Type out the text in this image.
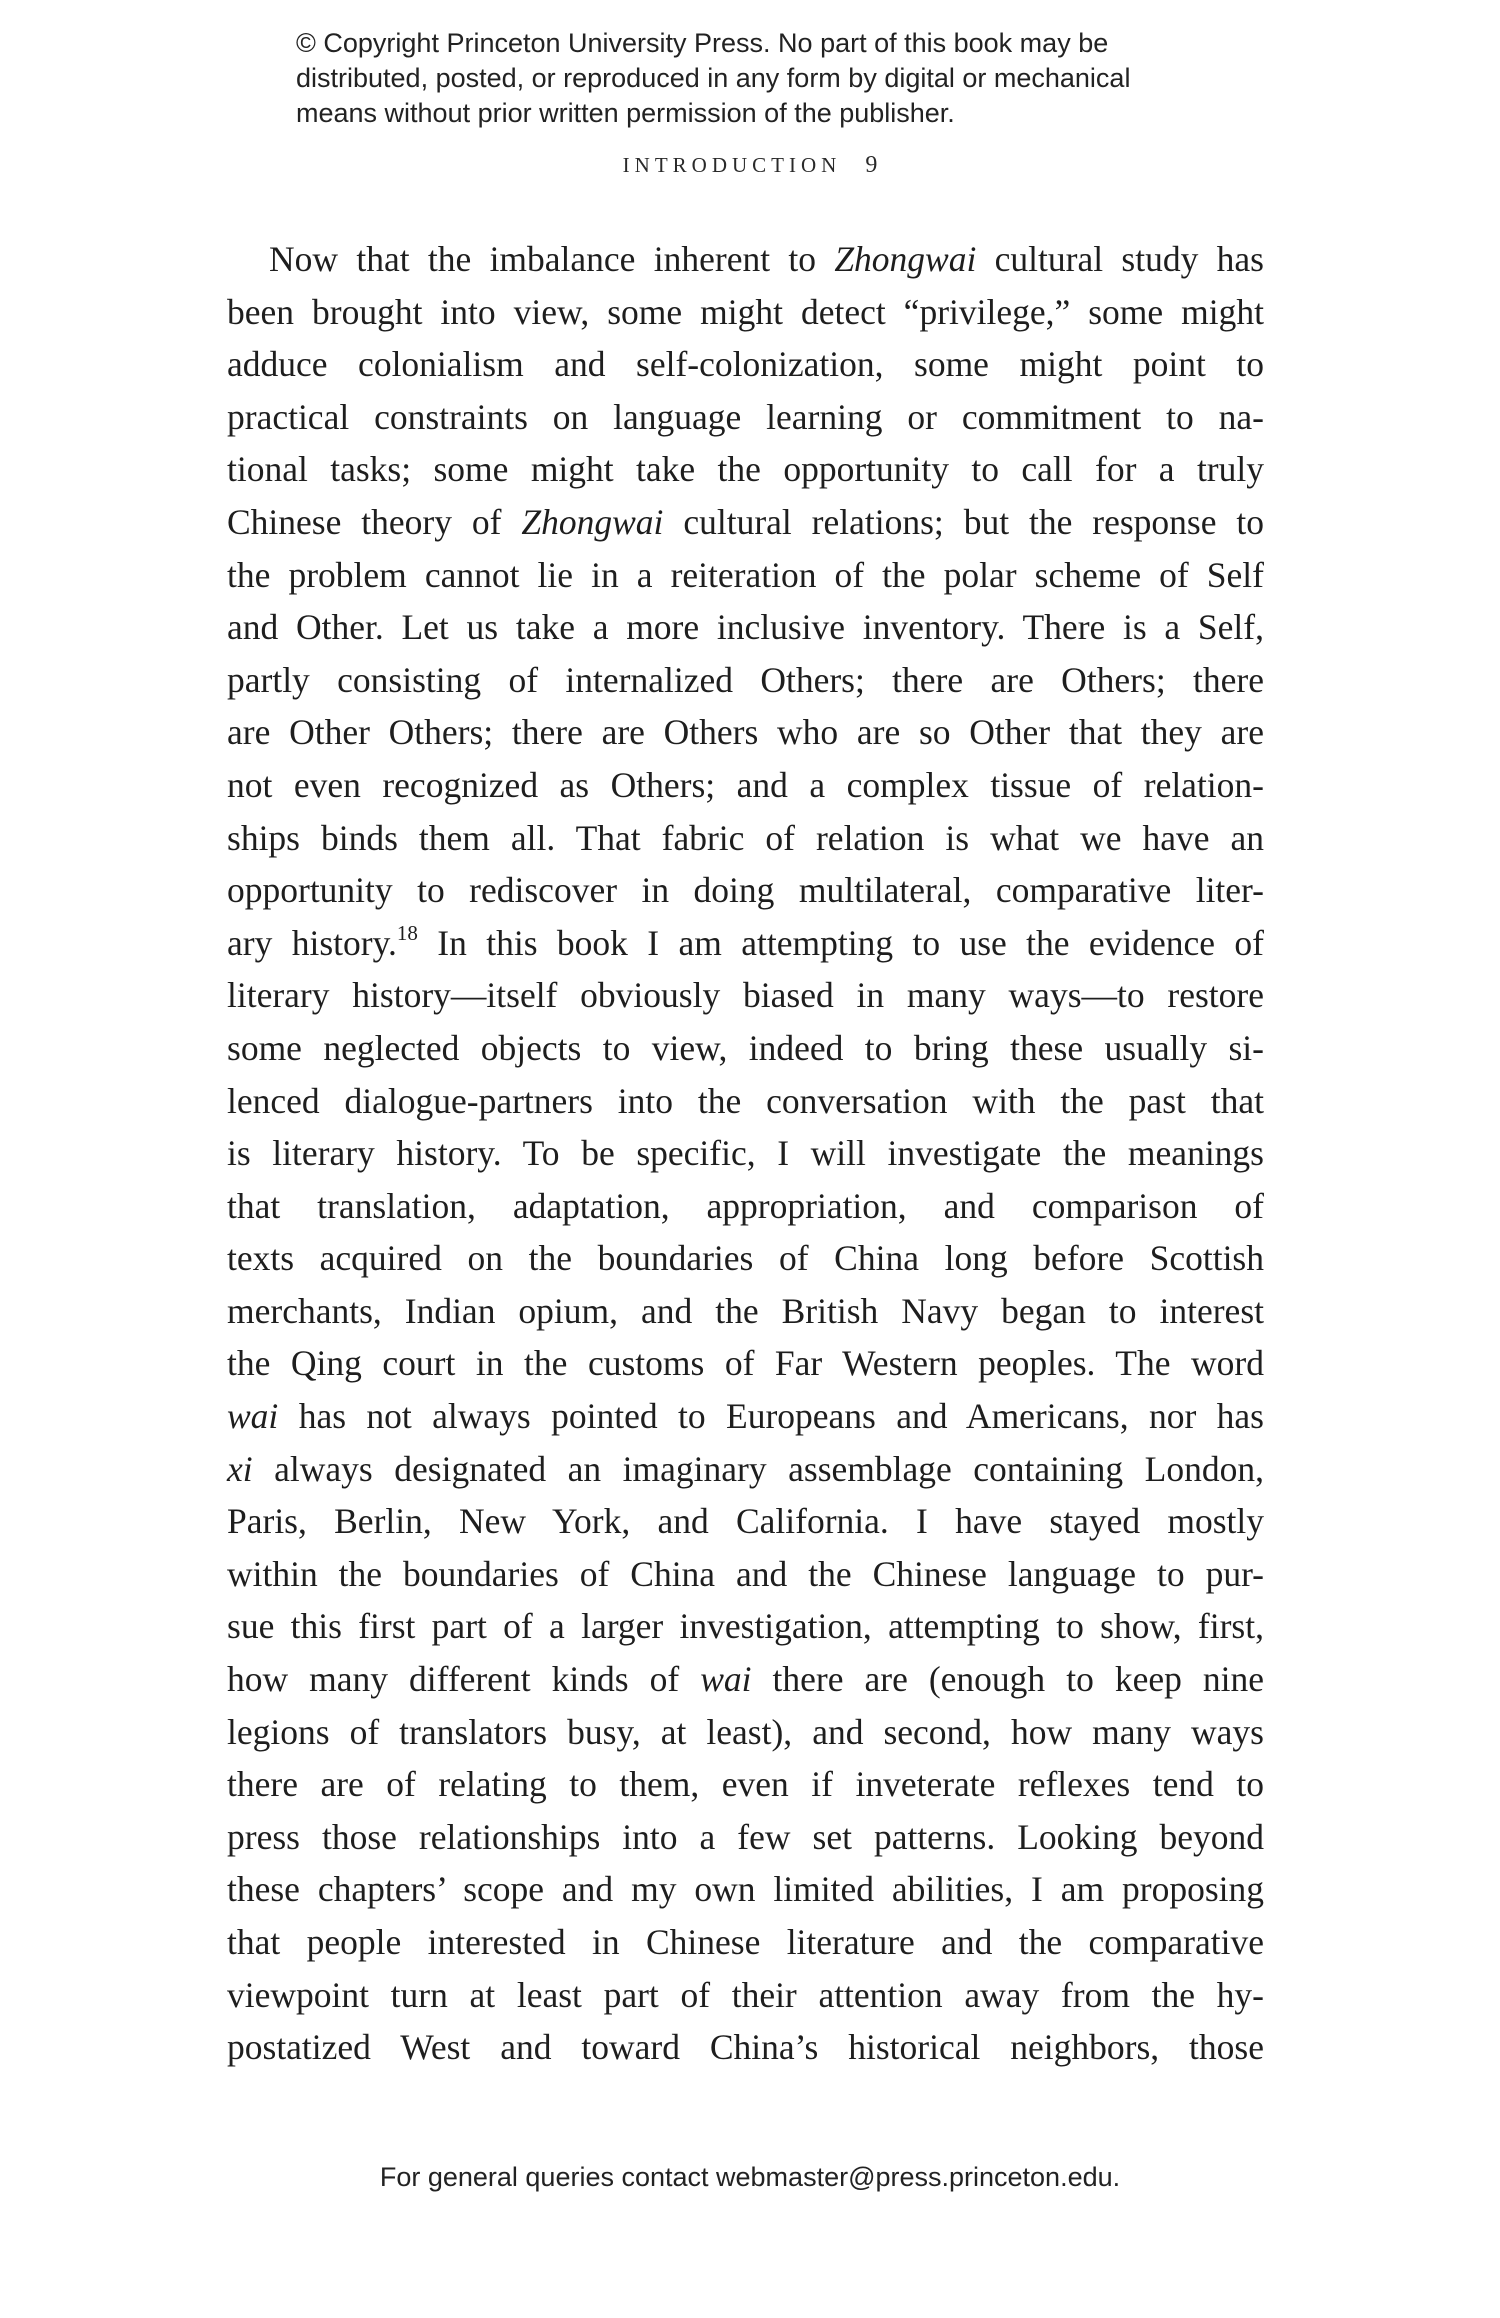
© Copyright Princeton University Press. No part of this book may be
distributed, posted, or reproduced in any form by digital or mechanical
means without prior written permission of the publisher.
INTRODUCTION 9
Now that the imbalance inherent to Zhongwai cultural study has
been brought into view, some might detect “privilege,” some might
adduce colonialism and self-colonization, some might point to
practical constraints on language learning or commitment to na-
tional tasks; some might take the opportunity to call for a truly
Chinese theory of Zhongwai cultural relations; but the response to
the problem cannot lie in a reiteration of the polar scheme of Self
and Other. Let us take a more inclusive inventory. There is a Self,
partly consisting of internalized Others; there are Others; there
are Other Others; there are Others who are so Other that they are
not even recognized as Others; and a complex tissue of relation-
ships binds them all. That fabric of relation is what we have an
opportunity to rediscover in doing multilateral, comparative liter-
ary history.$^{18}$ In this book I am attempting to use the evidence of
literary history—itself obviously biased in many ways—to restore
some neglected objects to view, indeed to bring these usually si-
lenced dialogue-partners into the conversation with the past that
is literary history. To be specific, I will investigate the meanings
that translation, adaptation, appropriation, and comparison of
texts acquired on the boundaries of China long before Scottish
merchants, Indian opium, and the British Navy began to interest
the Qing court in the customs of Far Western peoples. The word
wai has not always pointed to Europeans and Americans, nor has
xi always designated an imaginary assemblage containing London,
Paris, Berlin, New York, and California. I have stayed mostly
within the boundaries of China and the Chinese language to pur-
sue this first part of a larger investigation, attempting to show, first,
how many different kinds of wai there are (enough to keep nine
legions of translators busy, at least), and second, how many ways
there are of relating to them, even if inveterate reflexes tend to
press those relationships into a few set patterns. Looking beyond
these chapters’ scope and my own limited abilities, I am proposing
that people interested in Chinese literature and the comparative
viewpoint turn at least part of their attention away from the hy-
postatized West and toward China’s historical neighbors, those
For general queries contact webmaster@press.princeton.edu.
